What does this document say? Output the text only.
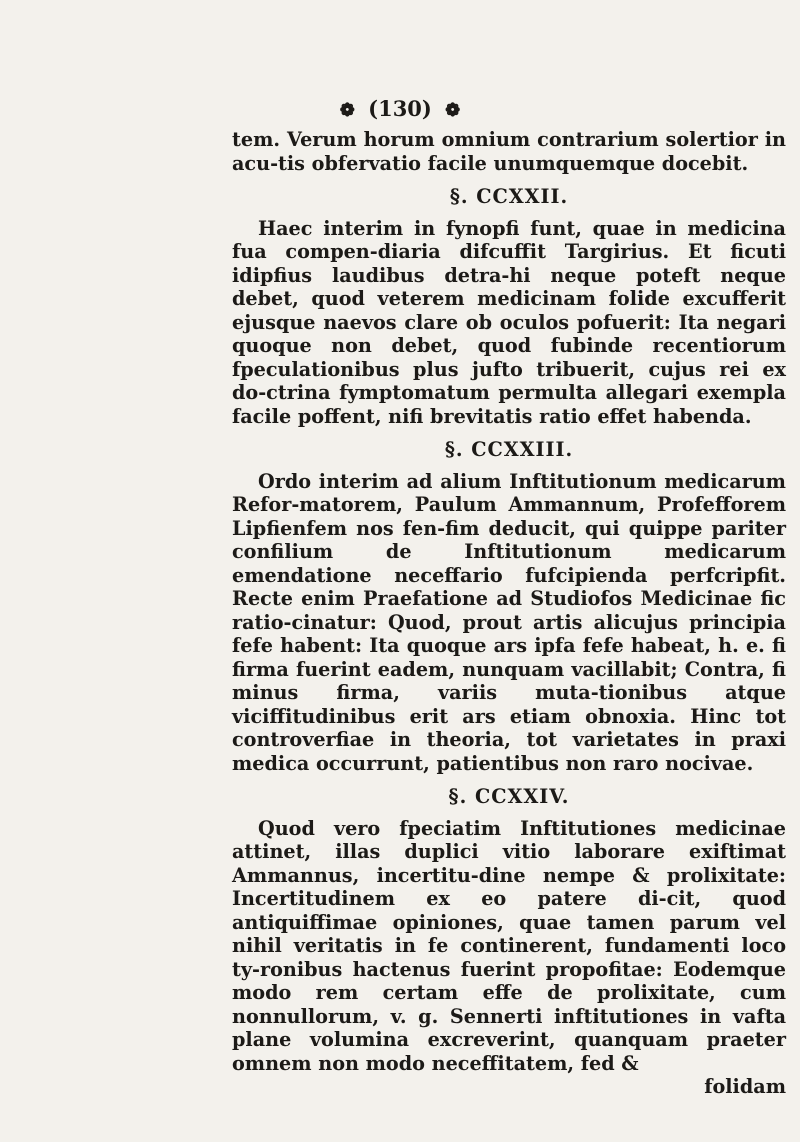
❁ (130) ❁

tem. Verum horum omnium contrarium solertior in acu-tis obfervatio facile unumquemque docebit.

§. CCXXII.

Haec interim in fynopfi funt, quae in medicina fua compen-diaria difcuffit Targirius. Et ficuti idipfius laudibus detra-hi neque poteft neque debet, quod veterem medicinam folide excufferit ejusque naevos clare ob oculos pofuerit: Ita negari quoque non debet, quod fubinde recentiorum fpeculationibus plus jufto tribuerit, cujus rei ex do-ctrina fymptomatum permulta allegari exempla facile poffent, nifi brevitatis ratio effet habenda.

§. CCXXIII.

Ordo interim ad alium Inftitutionum medicarum Refor-matorem, Paulum Ammannum, Profefforem Lipfienfem nos fen-fim deducit, qui quippe pariter confilium de Inftitutionum medicarum emendatione neceffario fufcipienda perfcripfit. Recte enim Praefatione ad Studiofos Medicinae fic ratio-cinatur: Quod, prout artis alicujus principia fefe habent: Ita quoque ars ipfa fefe habeat, h. e. fi firma fuerint eadem, nunquam vacillabit; Contra, fi minus firma, variis muta-tionibus atque viciffitudinibus erit ars etiam obnoxia. Hinc tot controverfiae in theoria, tot varietates in praxi medica occurrunt, patientibus non raro nocivae.

§. CCXXIV.

Quod vero fpeciatim Inftitutiones medicinae attinet, illas duplici vitio laborare exiftimat Ammannus, incertitu-dine nempe & prolixitate: Incertitudinem ex eo patere di-cit, quod antiquiffimae opiniones, quae tamen parum vel nihil veritatis in fe continerent, fundamenti loco ty-ronibus hactenus fuerint propofitae: Eodemque modo rem certam effe de prolixitate, cum nonnullorum, v. g. Sennerti inftitutiones in vafta plane volumina excreverint, quanquam praeter omnem non modo neceffitatem, fed &

folidam
